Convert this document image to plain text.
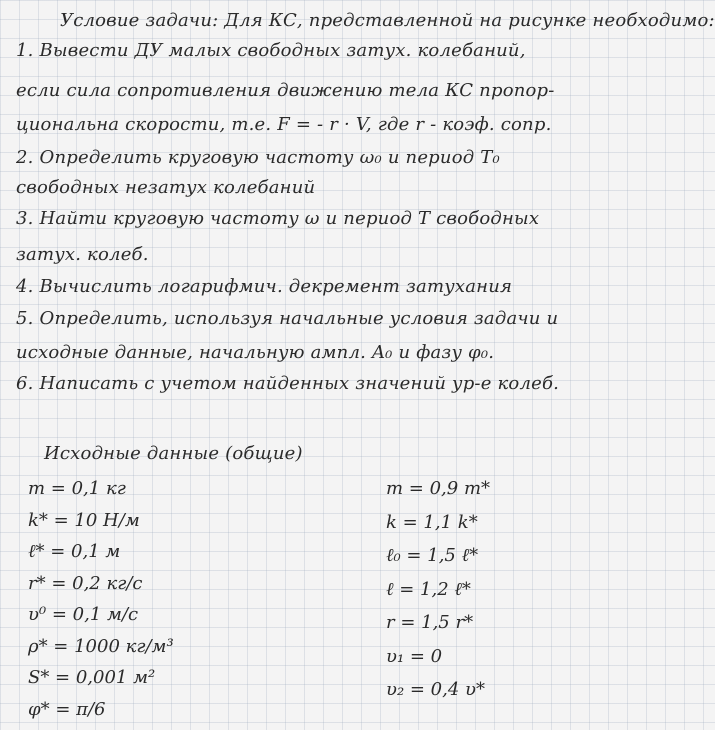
Условие задачи: Для КС, представленной на рисунке необходимо:
1. Вывести ДУ малых свободных затух. колебаний,
если сила сопротивления движению тела КС пропор-
циональна скорости, т.е. F = - r · V, где r - коэф. сопр.
2. Определить круговую частоту ω₀ и период T₀
свободных незатух колебаний
3. Найти круговую частоту ω и период T свободных
затух. колеб.
4. Вычислить логарифмич. декремент затухания
5. Определить, используя начальные условия задачи и
исходные данные, начальную ампл. A₀ и фазу φ₀.
6. Написать с учетом найденных значений ур-е колеб.
Исходные данные (общие)
m = 0,1 кг
k* = 10 Н/м
ℓ* = 0,1 м
r* = 0,2 кг/с
υ⁰ = 0,1 м/с
ρ* = 1000 кг/м³
S* = 0,001 м²
φ* = π/6
m = 0,9 m*
k = 1,1 k*
ℓ₀ = 1,5 ℓ*
ℓ = 1,2 ℓ*
r = 1,5 r*
υ₁ = 0
υ₂ = 0,4 υ*
